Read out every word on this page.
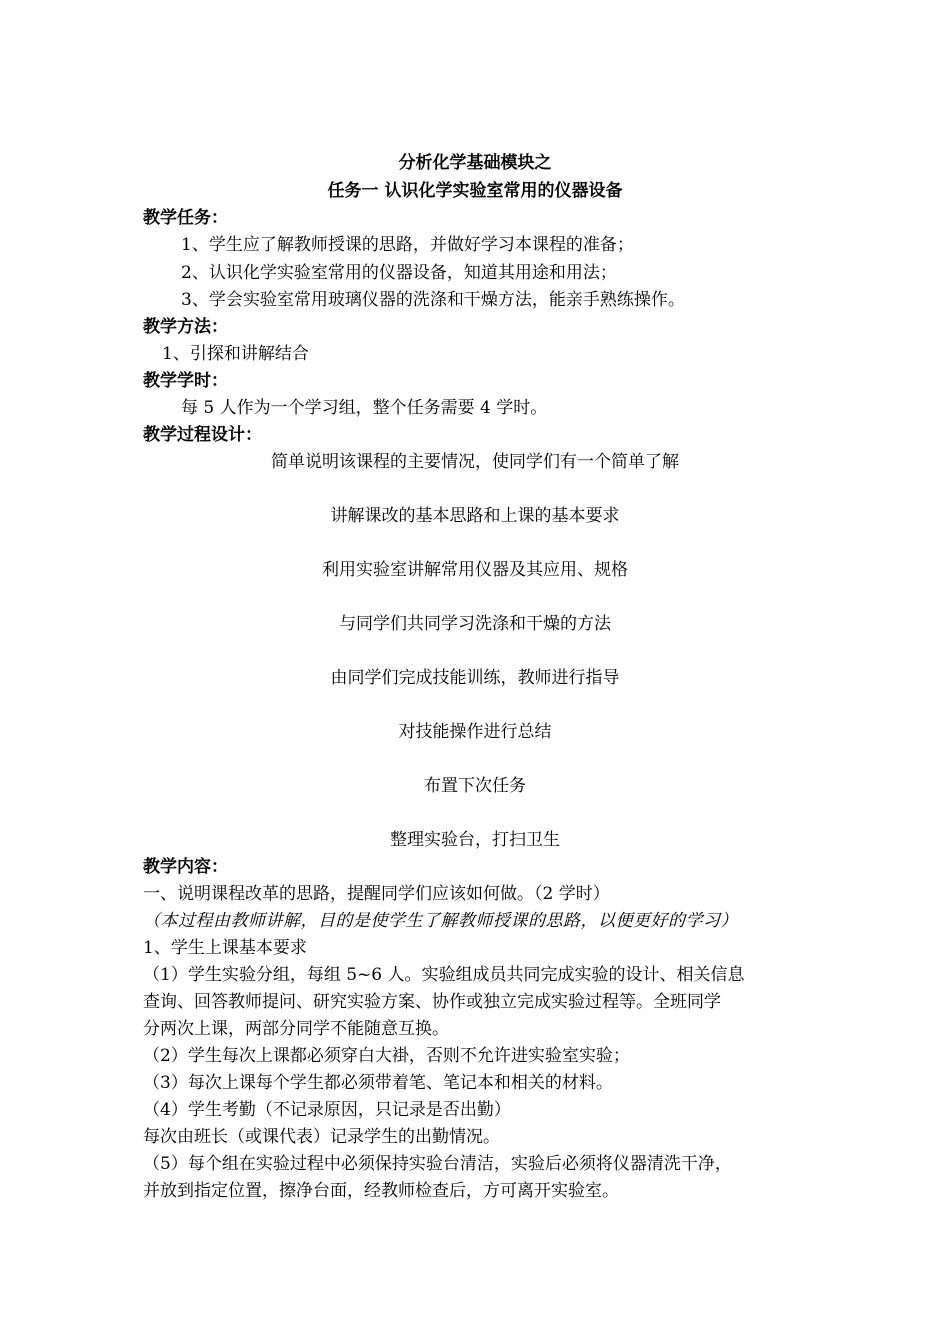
分析化学基础模块之
任务一 认识化学实验室常用的仪器设备
教学任务：
1、学生应了解教师授课的思路，并做好学习本课程的准备；
2、认识化学实验室常用的仪器设备，知道其用途和用法；
3、学会实验室常用玻璃仪器的洗涤和干燥方法，能亲手熟练操作。
教学方法：
1、引探和讲解结合
教学学时：
每 5 人作为一个学习组，整个任务需要 4 学时。
教学过程设计：
简单说明该课程的主要情况，使同学们有一个简单了解
讲解课改的基本思路和上课的基本要求
利用实验室讲解常用仪器及其应用、规格
与同学们共同学习洗涤和干燥的方法
由同学们完成技能训练，教师进行指导
对技能操作进行总结
布置下次任务
整理实验台，打扫卫生
教学内容：
一、说明课程改革的思路，提醒同学们应该如何做。（2 学时）
（本过程由教师讲解，目的是使学生了解教师授课的思路，以便更好的学习）
1、学生上课基本要求
（1）学生实验分组，每组 5~6 人。实验组成员共同完成实验的设计、相关信息
查询、回答教师提问、研究实验方案、协作或独立完成实验过程等。全班同学
分两次上课，两部分同学不能随意互换。
（2）学生每次上课都必须穿白大褂，否则不允许进实验室实验；
（3）每次上课每个学生都必须带着笔、笔记本和相关的材料。
（4）学生考勤（不记录原因，只记录是否出勤）
每次由班长（或课代表）记录学生的出勤情况。
（5）每个组在实验过程中必须保持实验台清洁，实验后必须将仪器清洗干净，
并放到指定位置，擦净台面，经教师检查后，方可离开实验室。
